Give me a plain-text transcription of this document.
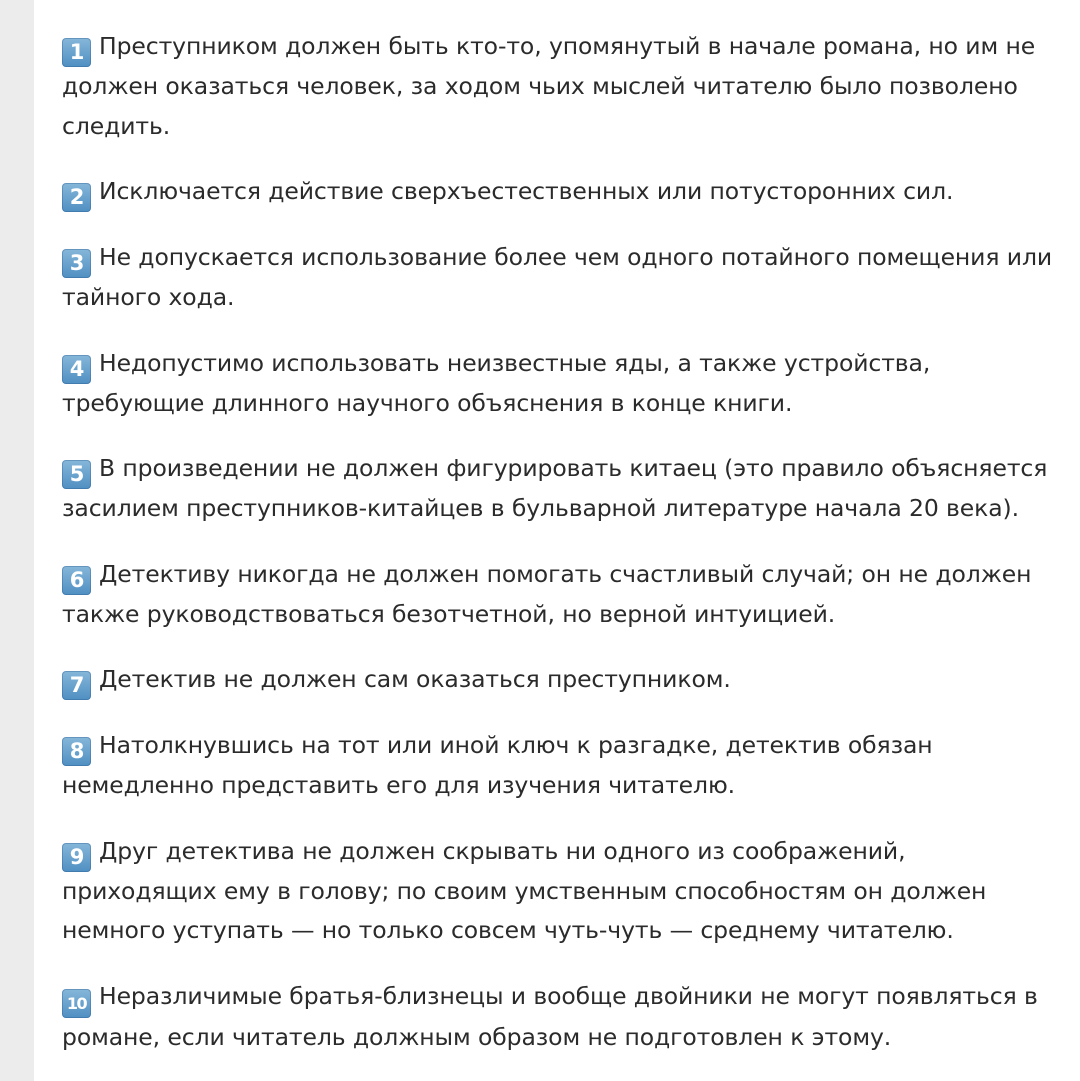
1 Преступником должен быть кто-то, упомянутый в начале романа, но им не должен оказаться человек, за ходом чьих мыслей читателю было позволено следить.

2 Исключается действие сверхъестественных или потусторонних сил.

3 Не допускается использование более чем одного потайного помещения или тайного хода.

4 Недопустимо использовать неизвестные яды, а также устройства, требующие длинного научного объяснения в конце книги.

5 В произведении не должен фигурировать китаец (это правило объясняется засилием преступников-китайцев в бульварной литературе начала 20 века).

6 Детективу никогда не должен помогать счастливый случай; он не должен также руководствоваться безотчетной, но верной интуицией.

7 Детектив не должен сам оказаться преступником.

8 Натолкнувшись на тот или иной ключ к разгадке, детектив обязан немедленно представить его для изучения читателю.

9 Друг детектива не должен скрывать ни одного из соображений, приходящих ему в голову; по своим умственным способностям он должен немного уступать — но только совсем чуть-чуть — среднему читателю.

10 Неразличимые братья-близнецы и вообще двойники не могут появляться в романе, если читатель должным образом не подготовлен к этому.
